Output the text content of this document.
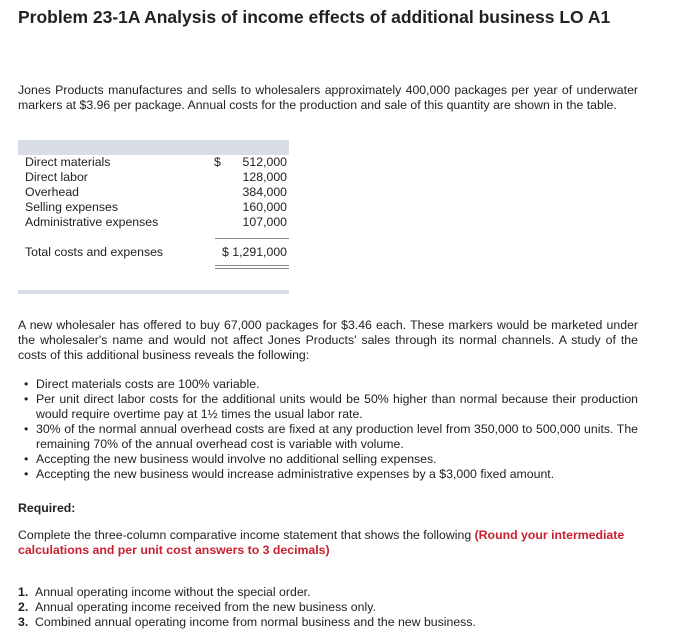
Problem 23-1A Analysis of income effects of additional business LO A1

Jones Products manufactures and sells to wholesalers approximately 400,000 packages per year of underwater markers at $3.96 per package. Annual costs for the production and sale of this quantity are shown in the table.

Direct materials	$ 512,000
Direct labor	128,000
Overhead	384,000
Selling expenses	160,000
Administrative expenses	107,000
Total costs and expenses	$ 1,291,000

A new wholesaler has offered to buy 67,000 packages for $3.46 each. These markers would be marketed under the wholesaler's name and would not affect Jones Products' sales through its normal channels. A study of the costs of this additional business reveals the following:

• Direct materials costs are 100% variable.
• Per unit direct labor costs for the additional units would be 50% higher than normal because their production would require overtime pay at 1½ times the usual labor rate.
• 30% of the normal annual overhead costs are fixed at any production level from 350,000 to 500,000 units. The remaining 70% of the annual overhead cost is variable with volume.
• Accepting the new business would involve no additional selling expenses.
• Accepting the new business would increase administrative expenses by a $3,000 fixed amount.

Required:

Complete the three-column comparative income statement that shows the following (Round your intermediate calculations and per unit cost answers to 3 decimals)

1. Annual operating income without the special order.
2. Annual operating income received from the new business only.
3. Combined annual operating income from normal business and the new business.
